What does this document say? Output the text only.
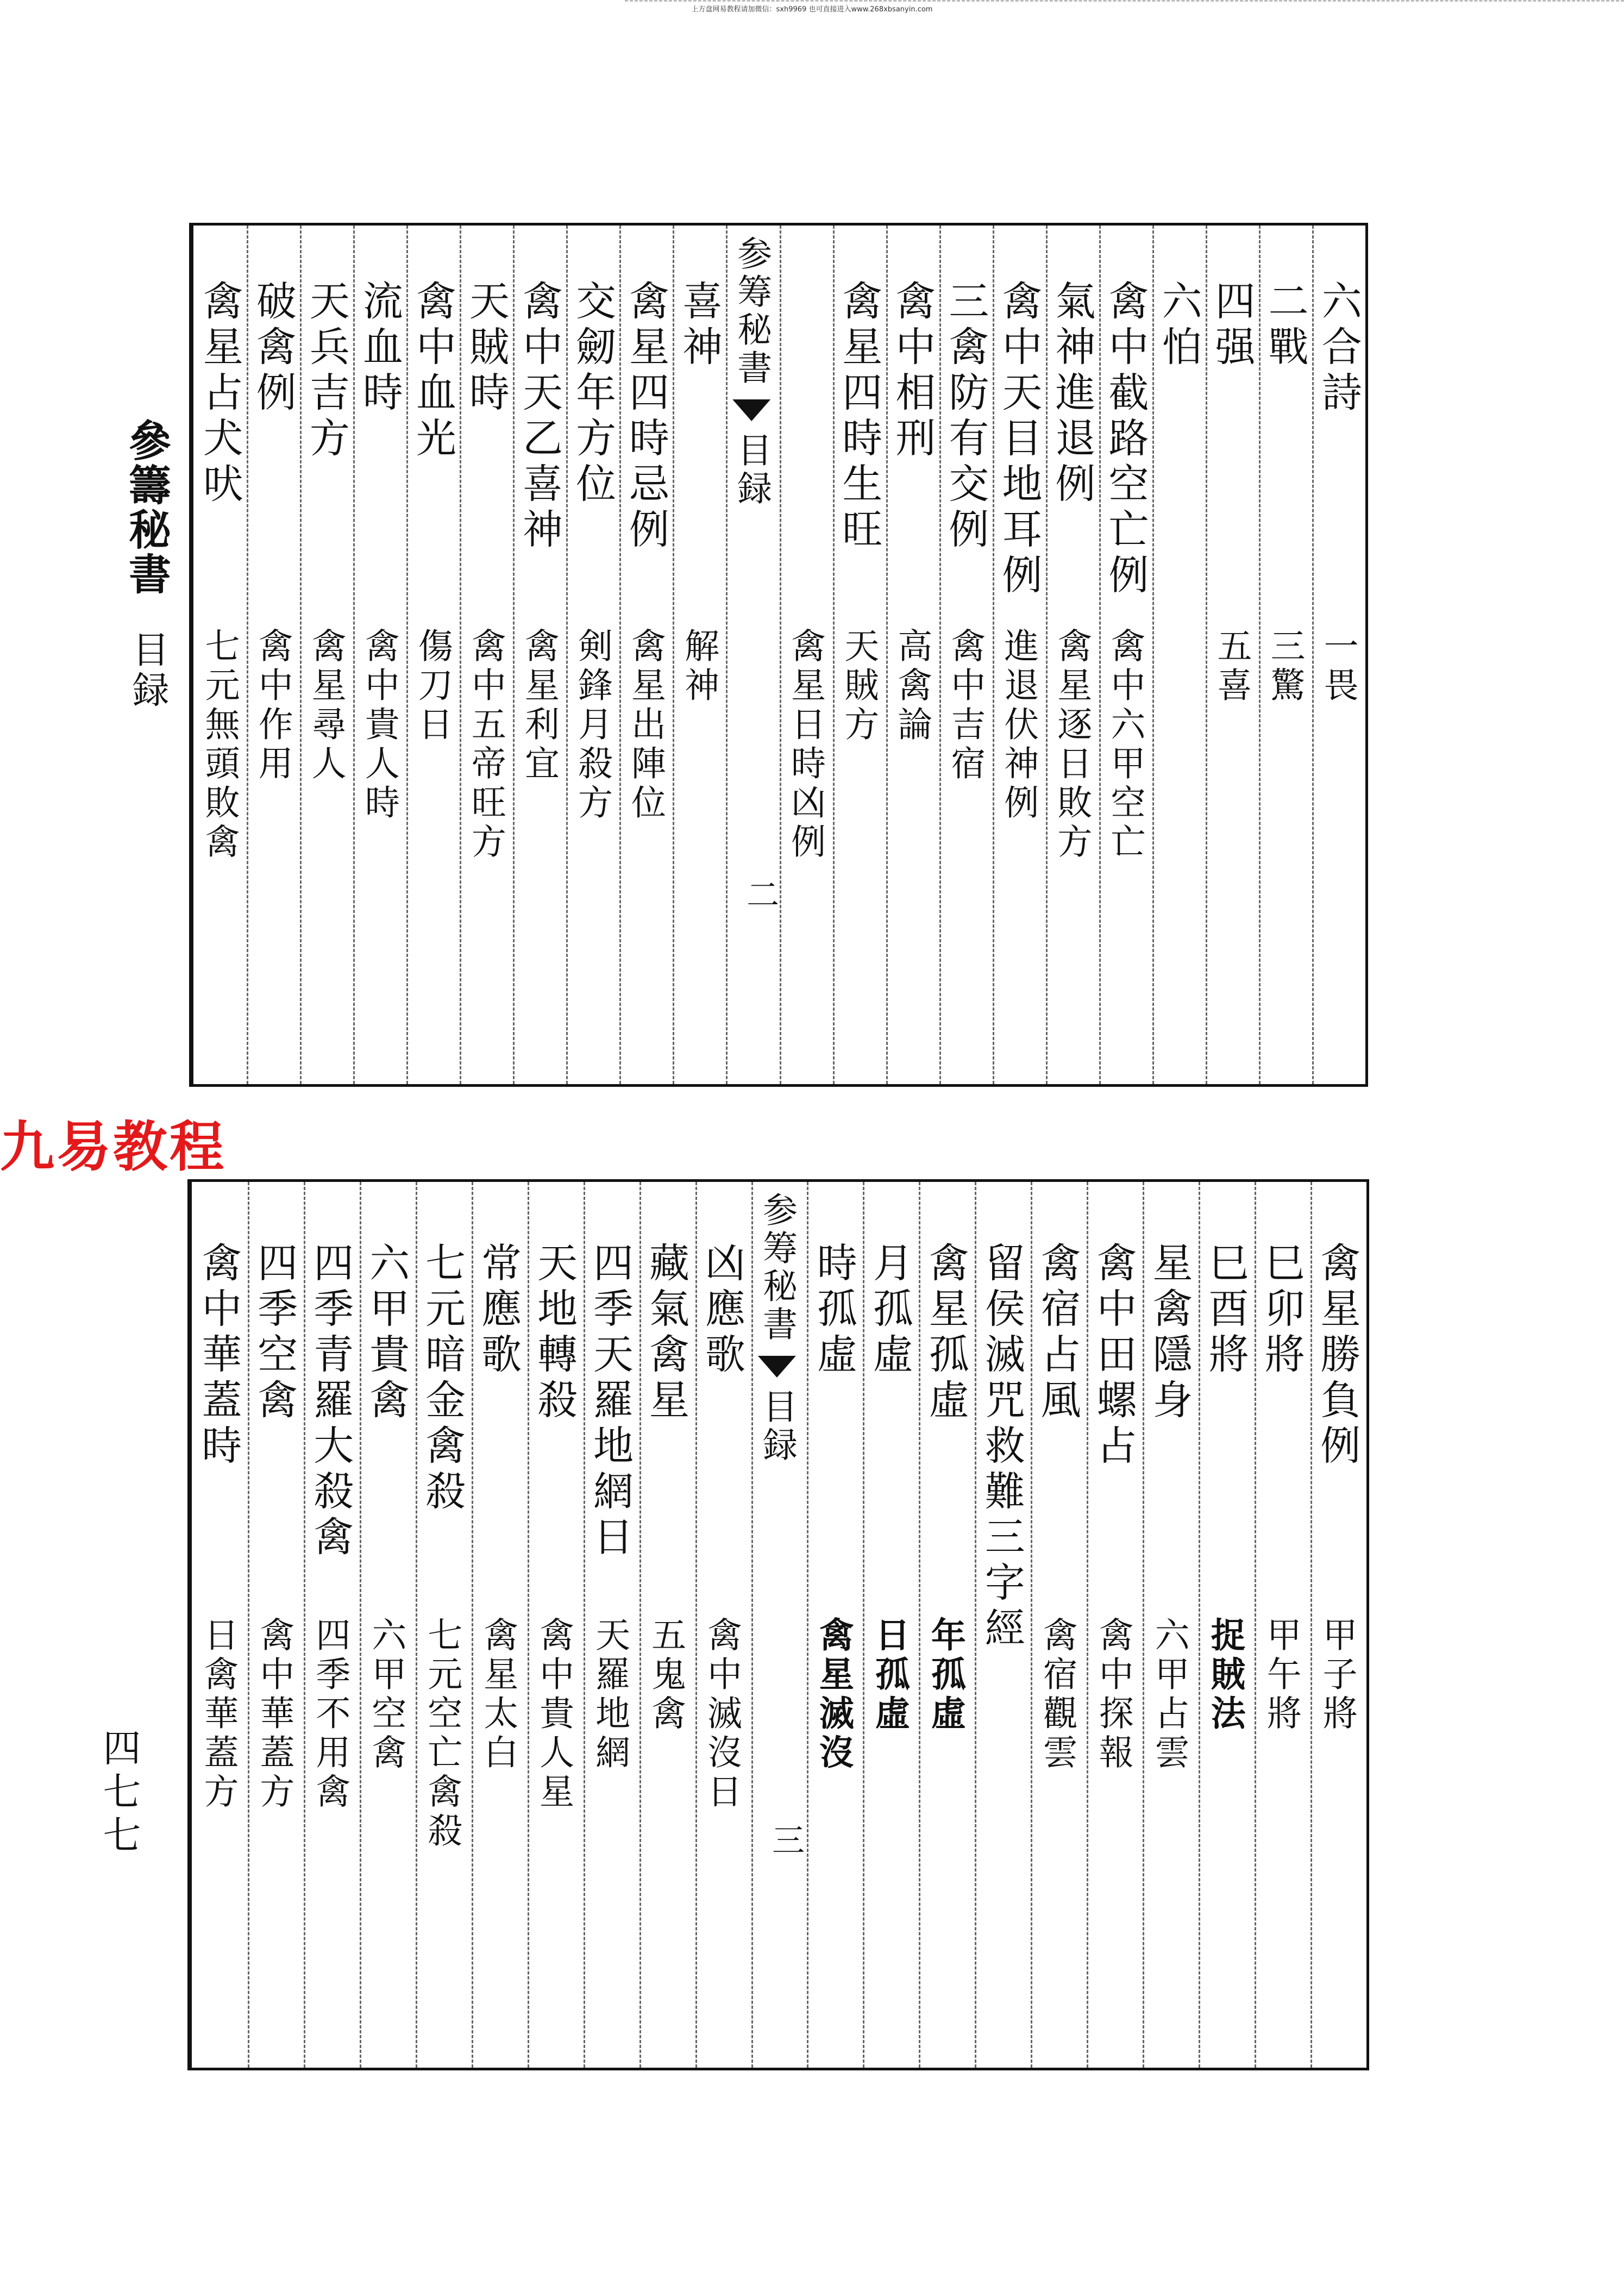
上方盘网易教程请加微信：sxh9969 也可直接进入www.268xbsanyin.com
參籌秘書
目録
四七七
九易教程
六合詩
一畏
二戰
三驚
四强
五喜
六怕
禽中截路空亡例
禽中六甲空亡
氣神進退例
禽星逐日敗方
禽中天目地耳例
進退伏神例
三禽防有交例
禽中吉宿
禽中相刑
高禽論
禽星四時生旺
天賊方
禽星日時凶例
参筹秘書
目録
二
喜神
解神
禽星四時忌例
禽星出陣位
交劒年方位
剣鋒月殺方
禽中天乙喜神
禽星利宜
天賊時
禽中五帝旺方
禽中血光
傷刀日
流血時
禽中貴人時
天兵吉方
禽星尋人
破禽例
禽中作用
禽星占犬吠
七元無頭敗禽
禽星勝負例
甲子將
巳卯將
甲午將
巳酉將
捉賊法
星禽隱身
六甲占雲
禽中田螺占
禽中探報
禽宿占風
禽宿觀雲
留侯滅咒救難三字經
禽星孤虛
年孤虛
月孤虛
日孤虛
時孤虛
禽星滅沒
参筹秘書
目録
三
凶應歌
禽中滅沒日
藏氣禽星
五鬼禽
四季天羅地網日
天羅地網
天地轉殺
禽中貴人星
常應歌
禽星太白
七元暗金禽殺
七元空亡禽殺
六甲貴禽
六甲空禽
四季青羅大殺禽
四季不用禽
四季空禽
禽中華蓋方
禽中華蓋時
日禽華蓋方
